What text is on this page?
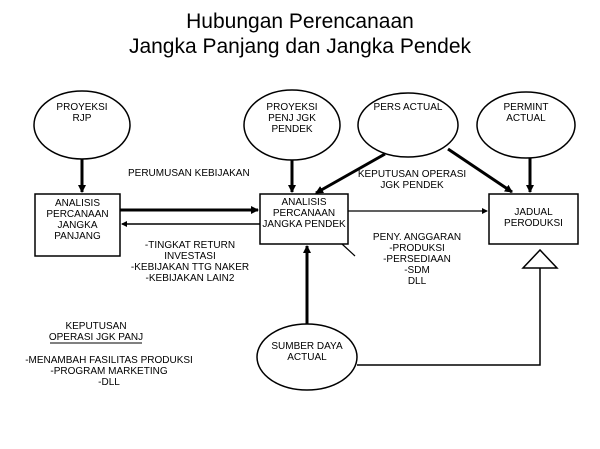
Hubungan Perencanaan
Jangka Panjang dan Jangka Pendek
PROYEKSI
RJP
PROYEKSI
PENJ JGK
PENDEK
PERS ACTUAL	PERMINT
ACTUAL
ANALISIS
PERCANAAN
JANGKA
PANJANG
ANALISIS
PERCANAAN
JANGKA PENDEK
JADUAL
PERODUKSI
SUMBER DAYA
ACTUAL
PERUMUSAN KEBIJAKAN	KEPUTUSAN OPERASI
JGK PENDEK
-TINGKAT RETURN
INVESTASI
-KEBIJAKAN TTG NAKER
-KEBIJAKAN LAIN2
PENY. ANGGARAN
-PRODUKSI
-PERSEDIAAN
-SDM
DLL
KEPUTUSAN
OPERASI JGK PANJ
-MENAMBAH FASILITAS PRODUKSI
-PROGRAM MARKETING
-DLL
